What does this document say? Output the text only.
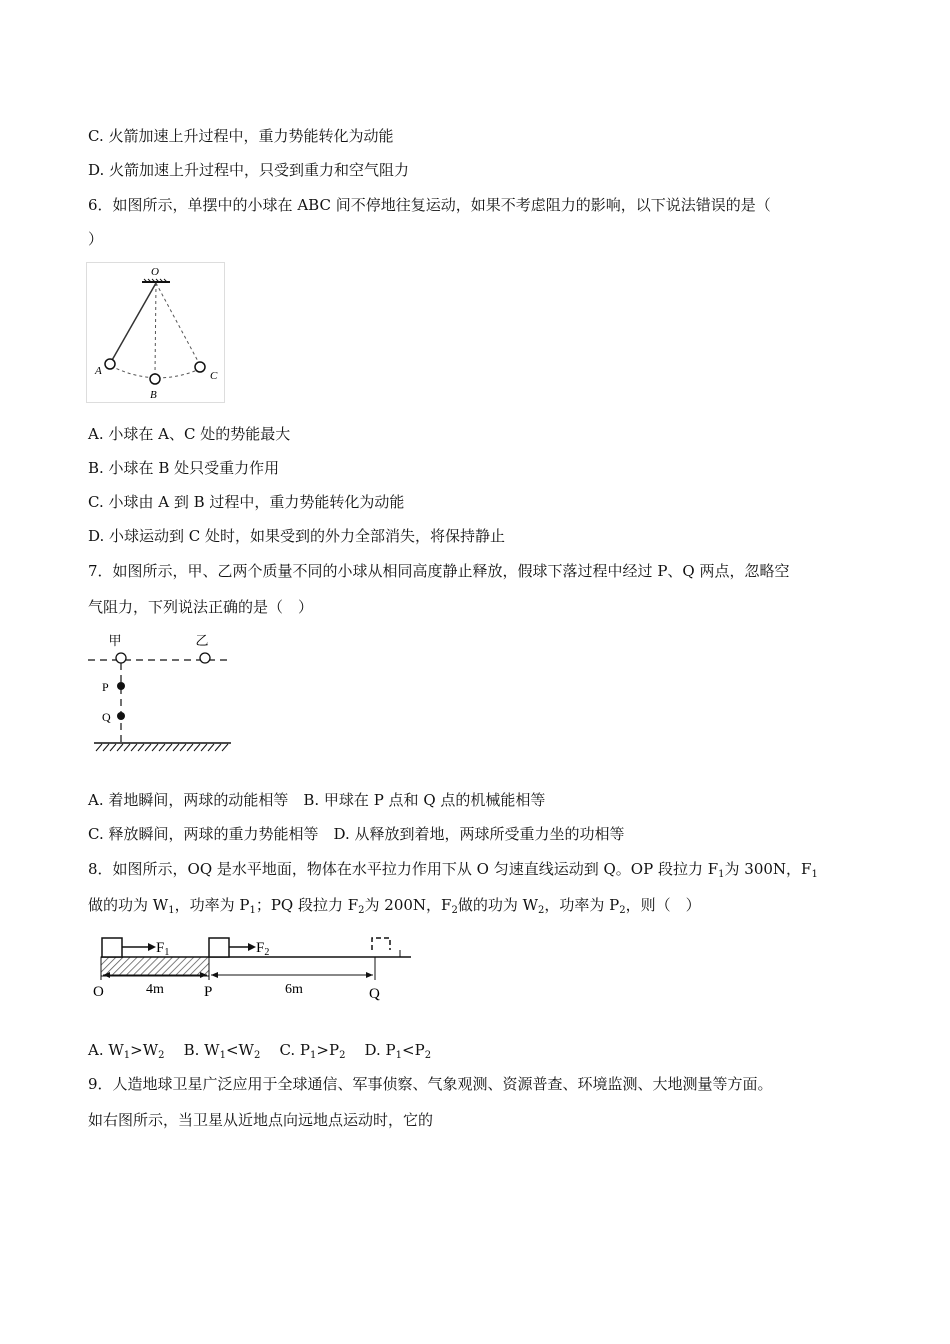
C. 火箭加速上升过程中，重力势能转化为动能
D. 火箭加速上升过程中，只受到重力和空气阻力
6．如图所示，单摆中的小球在 ABC 间不停地往复运动，如果不考虑阻力的影响，以下说法错误的是（
）
O
A
B
C
A. 小球在 A、C 处的势能最大
B. 小球在 B 处只受重力作用
C. 小球由 A 到 B 过程中，重力势能转化为动能
D. 小球运动到 C 处时，如果受到的外力全部消失，将保持静止
7．如图所示，甲、乙两个质量不同的小球从相同高度静止释放，假球下落过程中经过 P、Q 两点，忽略空
气阻力，下列说法正确的是（　）
甲	乙
P
Q
A. 着地瞬间，两球的动能相等　B. 甲球在 P 点和 Q 点的机械能相等
C. 释放瞬间，两球的重力势能相等　D. 从释放到着地，两球所受重力坐的功相等
8．如图所示，OQ 是水平地面，物体在水平拉力作用下从 O 匀速直线运动到 Q。OP 段拉力 $F_1$为 300N，$F_1$
做的功为 $W_1$，功率为 $P_1$；PQ 段拉力 $F_2$为 200N，$F_2$做的功为 $W_2$，功率为 $P_2$，则（　）
$F_1$	$F_2$
4m	6m
O	P	Q
A. $W_1>W_2$ B. $W_1<W_2$ C. $P_1>P_2$ D. $P_1<P_2$
9．人造地球卫星广泛应用于全球通信、军事侦察、气象观测、资源普查、环境监测、大地测量等方面。
如右图所示，当卫星从近地点向远地点运动时，它的
